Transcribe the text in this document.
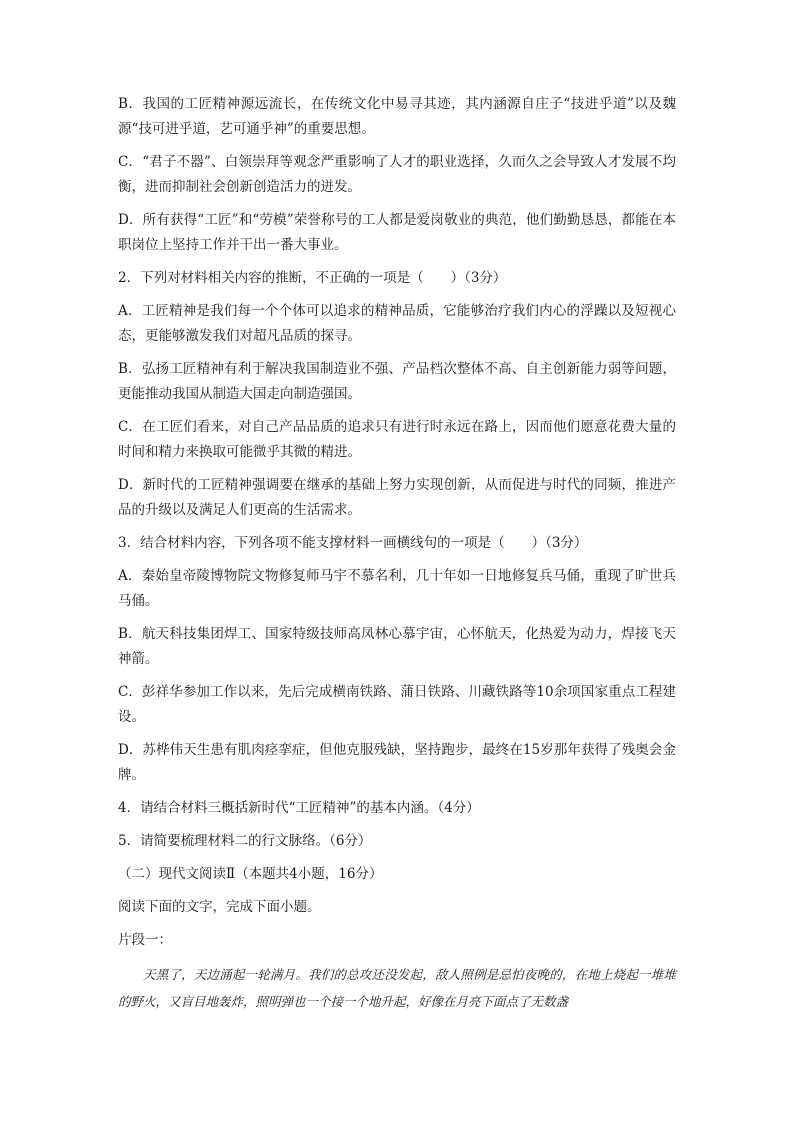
B．我国的工匠精神源远流长，在传统文化中易寻其迹，其内涵源自庄子“技进乎道”以及魏源“技可进乎道，艺可通乎神”的重要思想。

C．“君子不器”、白领崇拜等观念严重影响了人才的职业选择，久而久之会导致人才发展不均衡，进而抑制社会创新创造活力的迸发。

D．所有获得“工匠”和“劳模”荣誉称号的工人都是爱岗敬业的典范，他们勤勤恳恳，都能在本职岗位上坚持工作并干出一番大事业。

2．下列对材料相关内容的推断，不正确的一项是（　　）（3分）

A．工匠精神是我们每一个个体可以追求的精神品质，它能够治疗我们内心的浮躁以及短视心态，更能够激发我们对超凡品质的探寻。

B．弘扬工匠精神有利于解决我国制造业不强、产品档次整体不高、自主创新能力弱等问题，更能推动我国从制造大国走向制造强国。

C．在工匠们看来，对自己产品品质的追求只有进行时永远在路上，因而他们愿意花费大量的时间和精力来换取可能微乎其微的精进。

D．新时代的工匠精神强调要在继承的基础上努力实现创新，从而促进与时代的同频，推进产品的升级以及满足人们更高的生活需求。

3．结合材料内容，下列各项不能支撑材料一画横线句的一项是（　　）（3分）

A．秦始皇帝陵博物院文物修复师马宇不慕名利，几十年如一日地修复兵马俑，重现了旷世兵马俑。

B．航天科技集团焊工、国家特级技师高凤林心慕宇宙，心怀航天，化热爱为动力，焊接飞天神箭。

C．彭祥华参加工作以来，先后完成横南铁路、蒲日铁路、川藏铁路等10余项国家重点工程建设。

D．苏桦伟天生患有肌肉痉挛症，但他克服残缺，坚持跑步，最终在15岁那年获得了残奥会金牌。

4．请结合材料三概括新时代“工匠精神”的基本内涵。（4分）

5．请简要梳理材料二的行文脉络。（6分）

（二）现代文阅读Ⅱ（本题共4小题，16分）

阅读下面的文字，完成下面小题。

片段一：

天黑了，天边涌起一轮满月。我们的总攻还没发起，敌人照例是忌怕夜晚的，在地上烧起一堆堆的野火，又盲目地轰炸，照明弹也一个接一个地升起，好像在月亮下面点了无数盏
